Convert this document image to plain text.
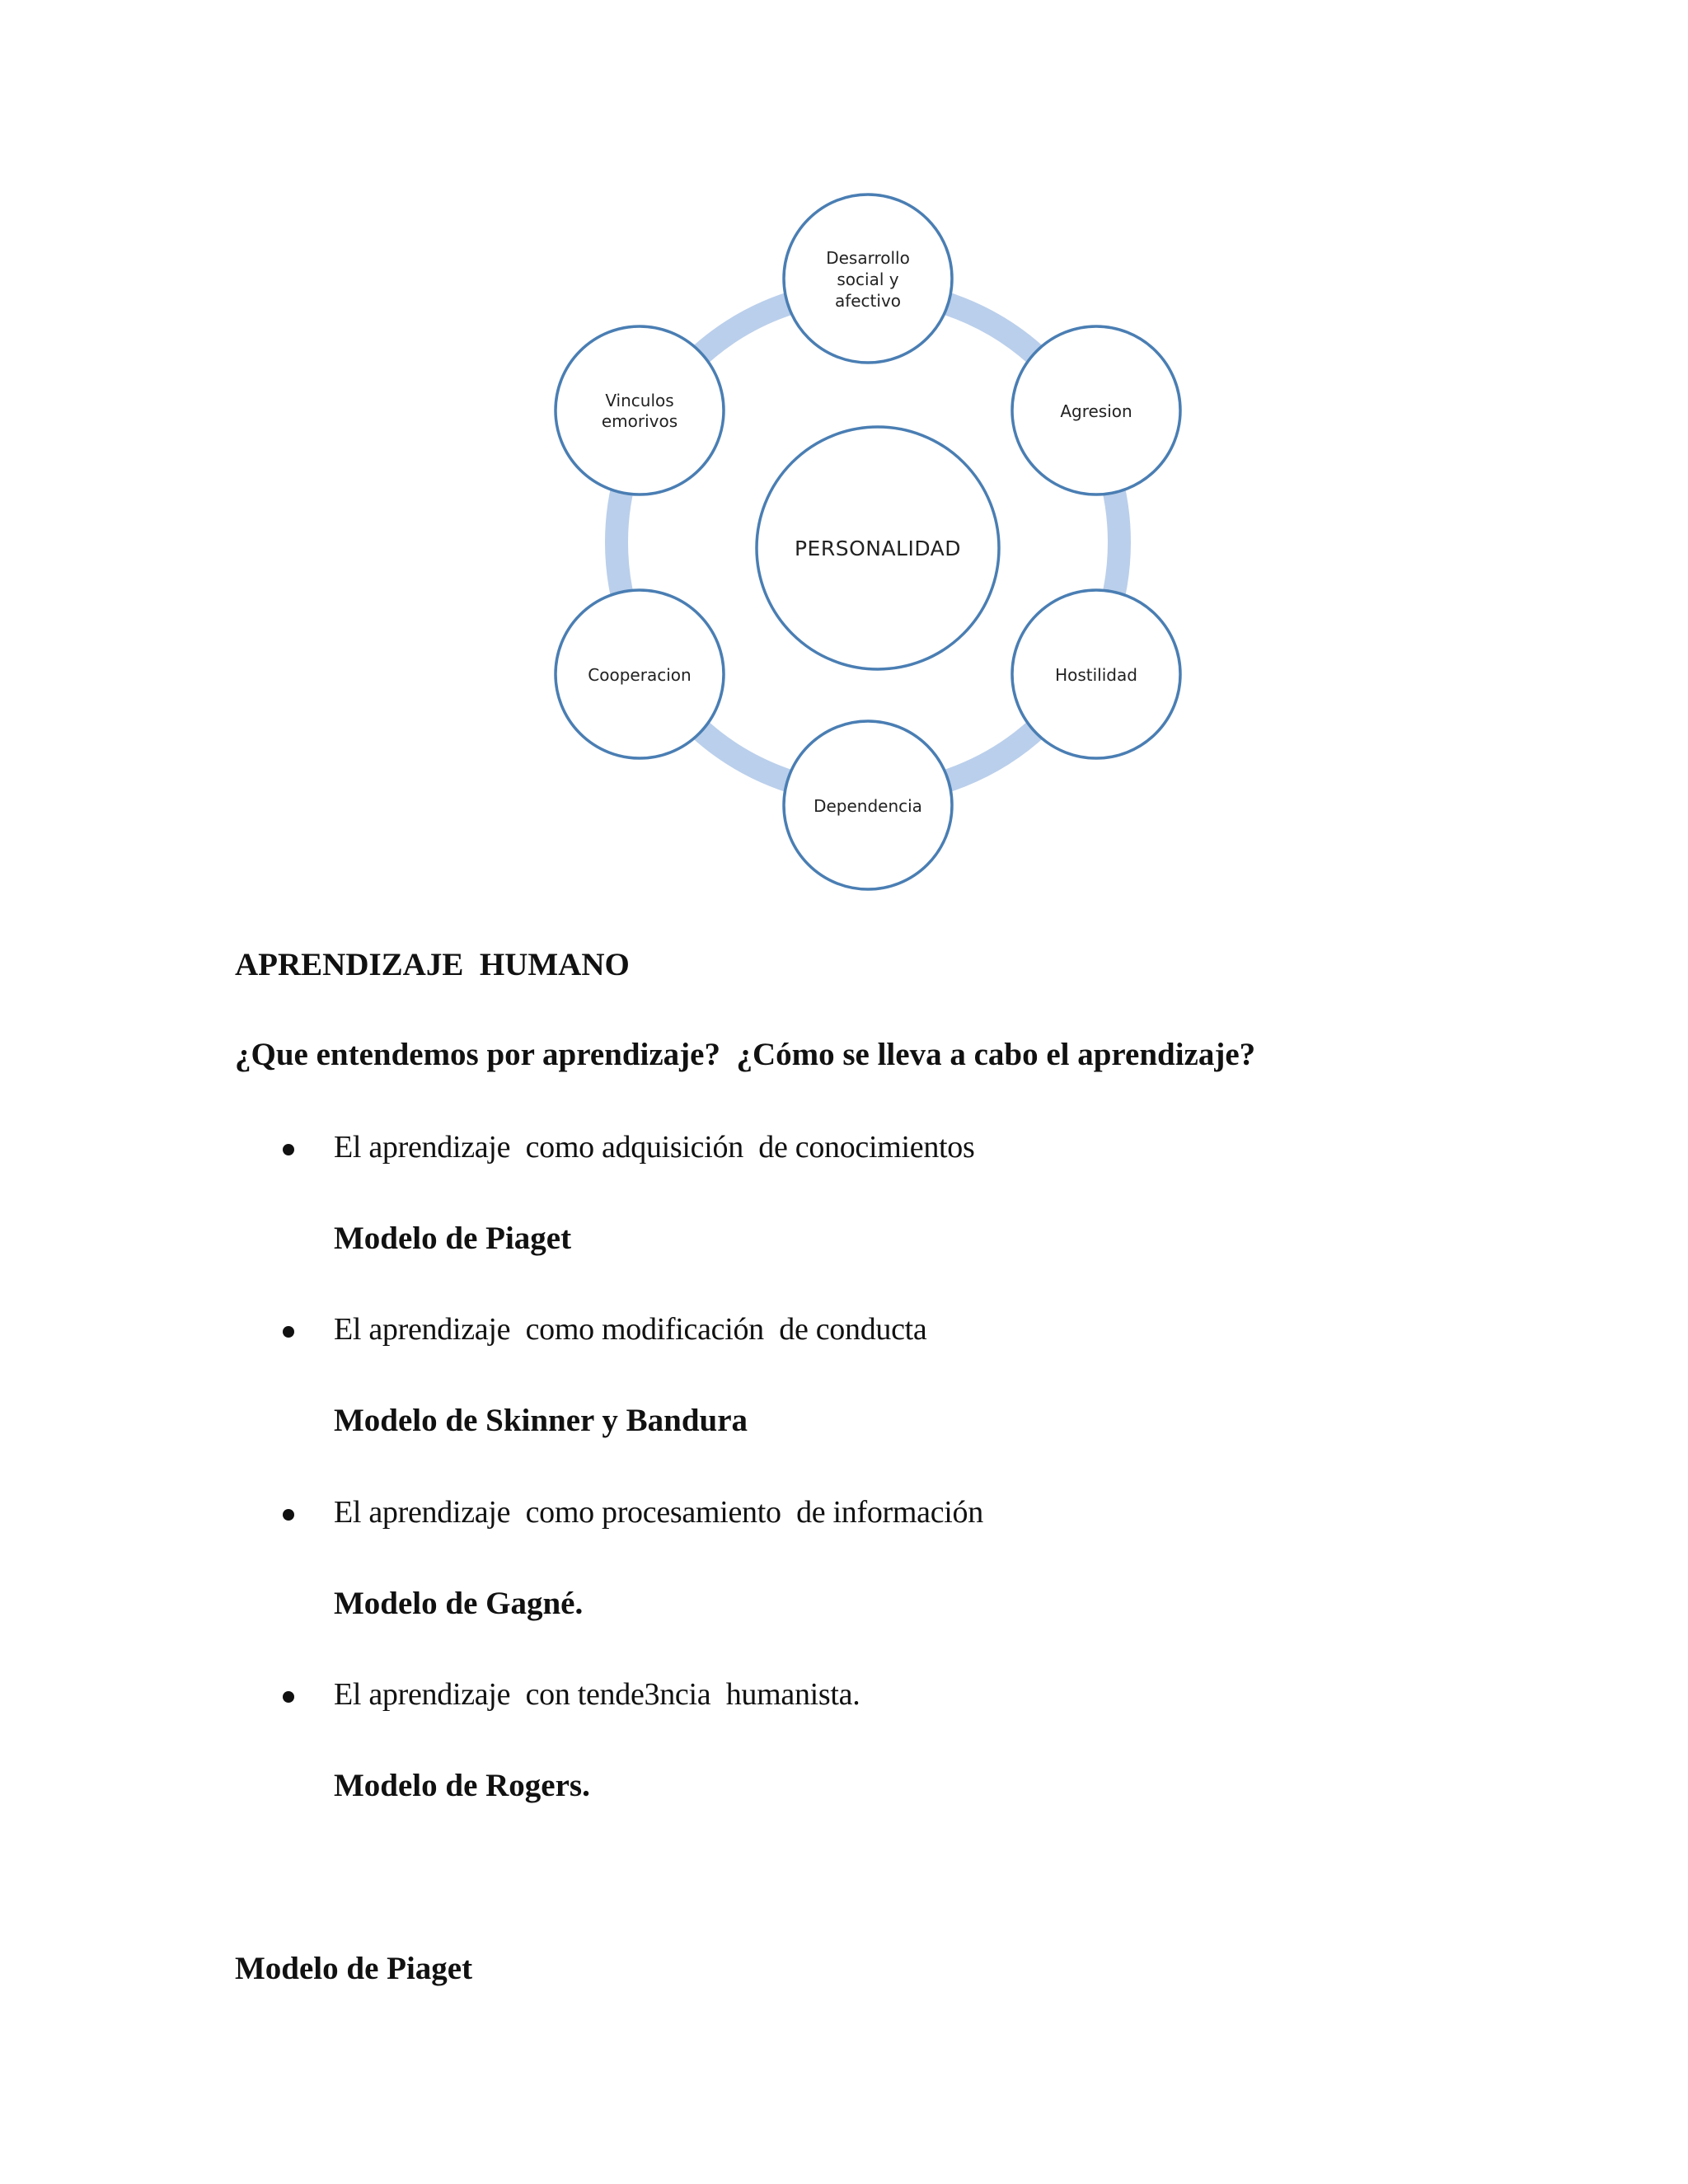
PERSONALIDAD
Desarrollo
social y
afectivo
Agresion
Hostilidad
Dependencia
Cooperacion
Vinculos
emorivos
APRENDIZAJE  HUMANO
¿Que entendemos por aprendizaje?  ¿Cómo se lleva a cabo el aprendizaje?
El aprendizaje  como adquisición  de conocimientos
Modelo de Piaget
El aprendizaje  como modificación  de conducta
Modelo de Skinner y Bandura
El aprendizaje  como procesamiento  de información
Modelo de Gagné.
El aprendizaje  con tende3ncia  humanista.
Modelo de Rogers.
Modelo de Piaget
